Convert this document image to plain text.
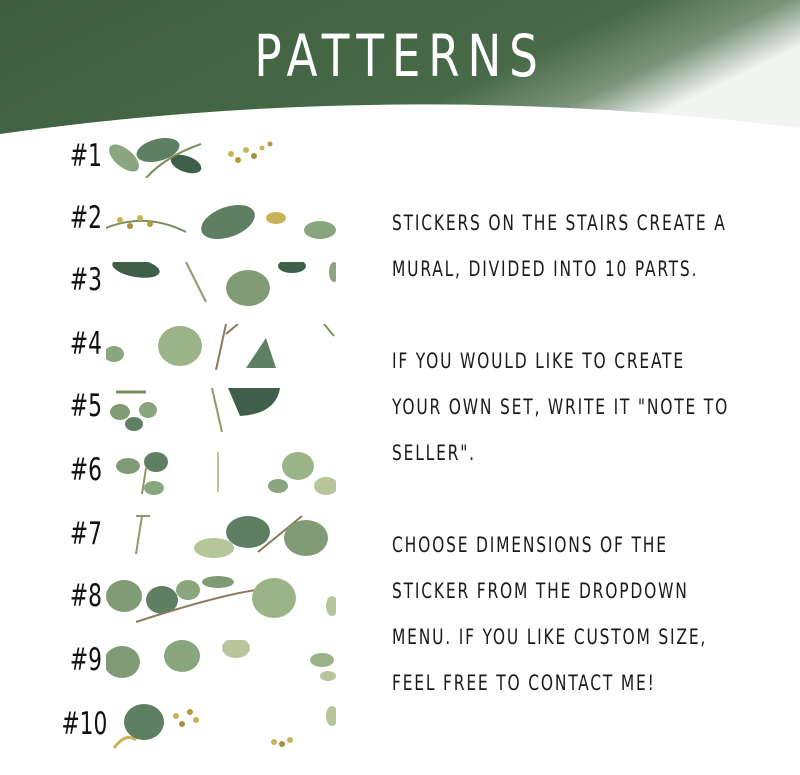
PATTERNS
#1
#2
#3
#4
#5
#6
#7
#8
#9
#10
STICKERS ON THE STAIRS CREATE A
MURAL, DIVIDED INTO 10 PARTS.
IF YOU WOULD LIKE TO CREATE
YOUR OWN SET, WRITE IT "NOTE TO
SELLER".
CHOOSE DIMENSIONS OF THE
STICKER FROM THE DROPDOWN
MENU. IF YOU LIKE CUSTOM SIZE,
FEEL FREE TO CONTACT ME!
